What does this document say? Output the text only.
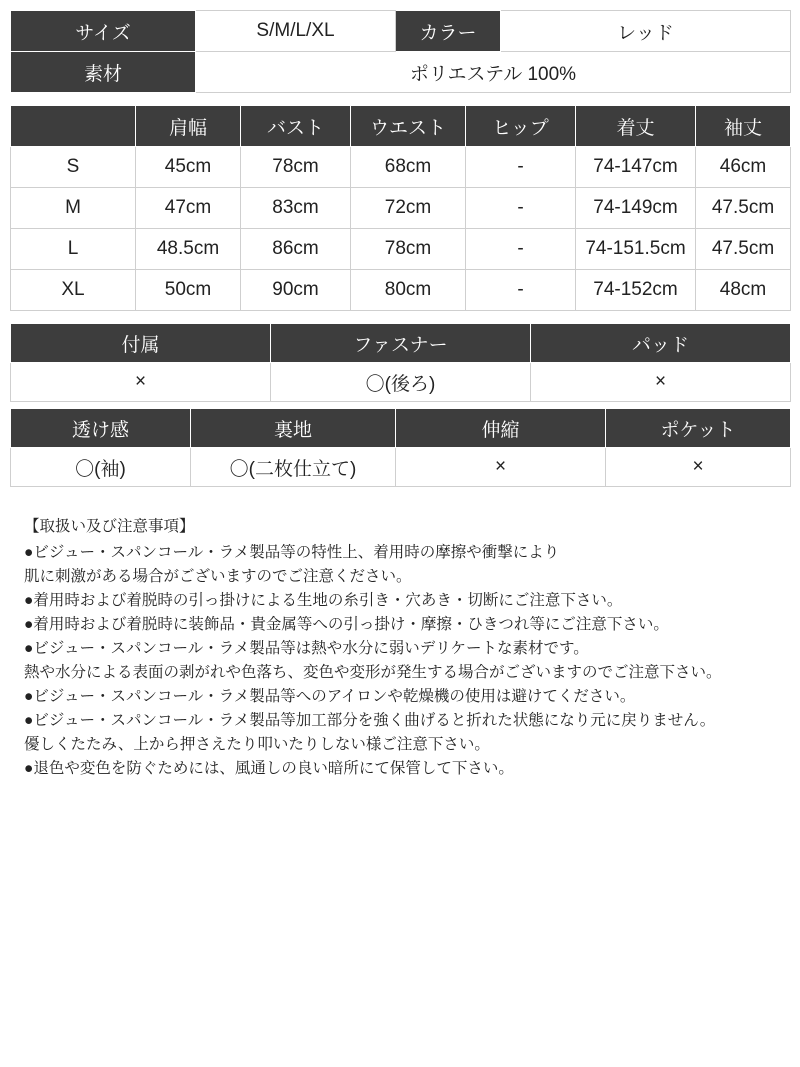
サイズ	S/M/L/XL	カラー	レッド
素材	ポリエステル 100%		
	肩幅	バスト	ウエスト	ヒップ	着丈	袖丈
S	45cm	78cm	68cm	-	74-147cm	46cm
M	47cm	83cm	72cm	-	74-149cm	47.5cm
L	48.5cm	86cm	78cm	-	74-151.5cm	47.5cm
XL	50cm	90cm	80cm	-	74-152cm	48cm
付属	ファスナー	パッド
×	〇(後ろ)	×
透け感	裏地	伸縮	ポケット
〇(袖)	〇(二枚仕立て)	×	×
【取扱い及び注意事項】
●ビジュー・スパンコール・ラメ製品等の特性上、着用時の摩擦や衝撃により
肌に刺激がある場合がございますのでご注意ください。
●着用時および着脱時の引っ掛けによる生地の糸引き・穴あき・切断にご注意下さい。
●着用時および着脱時に装飾品・貴金属等への引っ掛け・摩擦・ひきつれ等にご注意下さい。
●ビジュー・スパンコール・ラメ製品等は熱や水分に弱いデリケートな素材です。
熱や水分による表面の剥がれや色落ち、変色や変形が発生する場合がございますのでご注意下さい。
●ビジュー・スパンコール・ラメ製品等へのアイロンや乾燥機の使用は避けてください。
●ビジュー・スパンコール・ラメ製品等加工部分を強く曲げると折れた状態になり元に戻りません。
優しくたたみ、上から押さえたり叩いたりしない様ご注意下さい。
●退色や変色を防ぐためには、風通しの良い暗所にて保管して下さい。
